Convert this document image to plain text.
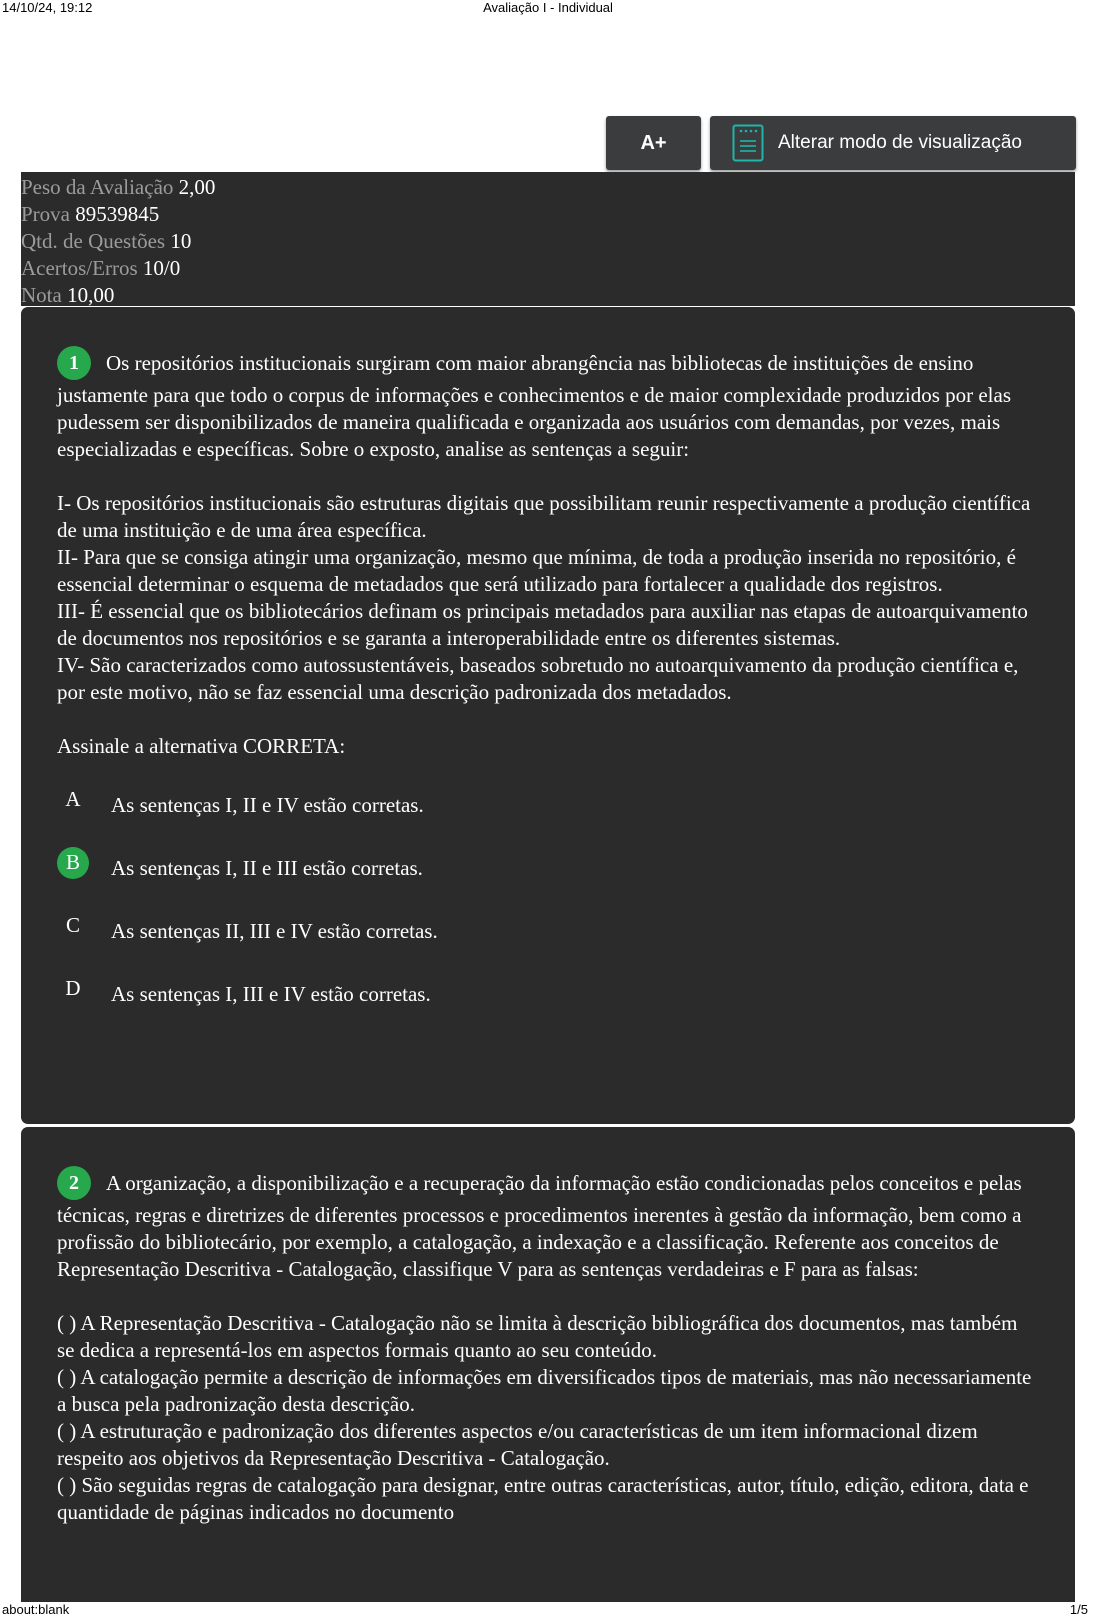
14/10/24, 19:12	Avaliação I - Individual
A+	Alterar modo de visualização
Peso da Avaliação 2,00
Prova 89539845
Qtd. de Questões 10
Acertos/Erros 10/0
Nota 10,00

1 Os repositórios institucionais surgiram com maior abrangência nas bibliotecas de instituições de ensino justamente para que todo o corpus de informações e conhecimentos e de maior complexidade produzidos por elas pudessem ser disponibilizados de maneira qualificada e organizada aos usuários com demandas, por vezes, mais especializadas e específicas. Sobre o exposto, analise as sentenças a seguir:

I- Os repositórios institucionais são estruturas digitais que possibilitam reunir respectivamente a produção científica de uma instituição e de uma área específica.

II- Para que se consiga atingir uma organização, mesmo que mínima, de toda a produção inserida no repositório, é essencial determinar o esquema de metadados que será utilizado para fortalecer a qualidade dos registros.

III- É essencial que os bibliotecários definam os principais metadados para auxiliar nas etapas de autoarquivamento de documentos nos repositórios e se garanta a interoperabilidade entre os diferentes sistemas.

IV- São caracterizados como autossustentáveis, baseados sobretudo no autoarquivamento da produção científica e, por este motivo, não se faz essencial uma descrição padronizada dos metadados.

Assinale a alternativa CORRETA:

A	As sentenças I, II e IV estão corretas.
B	As sentenças I, II e III estão corretas.
C	As sentenças II, III e IV estão corretas.
D	As sentenças I, III e IV estão corretas.

2 A organização, a disponibilização e a recuperação da informação estão condicionadas pelos conceitos e pelas técnicas, regras e diretrizes de diferentes processos e procedimentos inerentes à gestão da informação, bem como a profissão do bibliotecário, por exemplo, a catalogação, a indexação e a classificação. Referente aos conceitos de Representação Descritiva - Catalogação, classifique V para as sentenças verdadeiras e F para as falsas:

( ) A Representação Descritiva - Catalogação não se limita à descrição bibliográfica dos documentos, mas também se dedica a representá-los em aspectos formais quanto ao seu conteúdo.

( ) A catalogação permite a descrição de informações em diversificados tipos de materiais, mas não necessariamente a busca pela padronização desta descrição.

( ) A estruturação e padronização dos diferentes aspectos e/ou características de um item informacional dizem respeito aos objetivos da Representação Descritiva - Catalogação.

( ) São seguidas regras de catalogação para designar, entre outras características, autor, título, edição, editora, data e quantidade de páginas indicados no documento

about:blank	1/5
